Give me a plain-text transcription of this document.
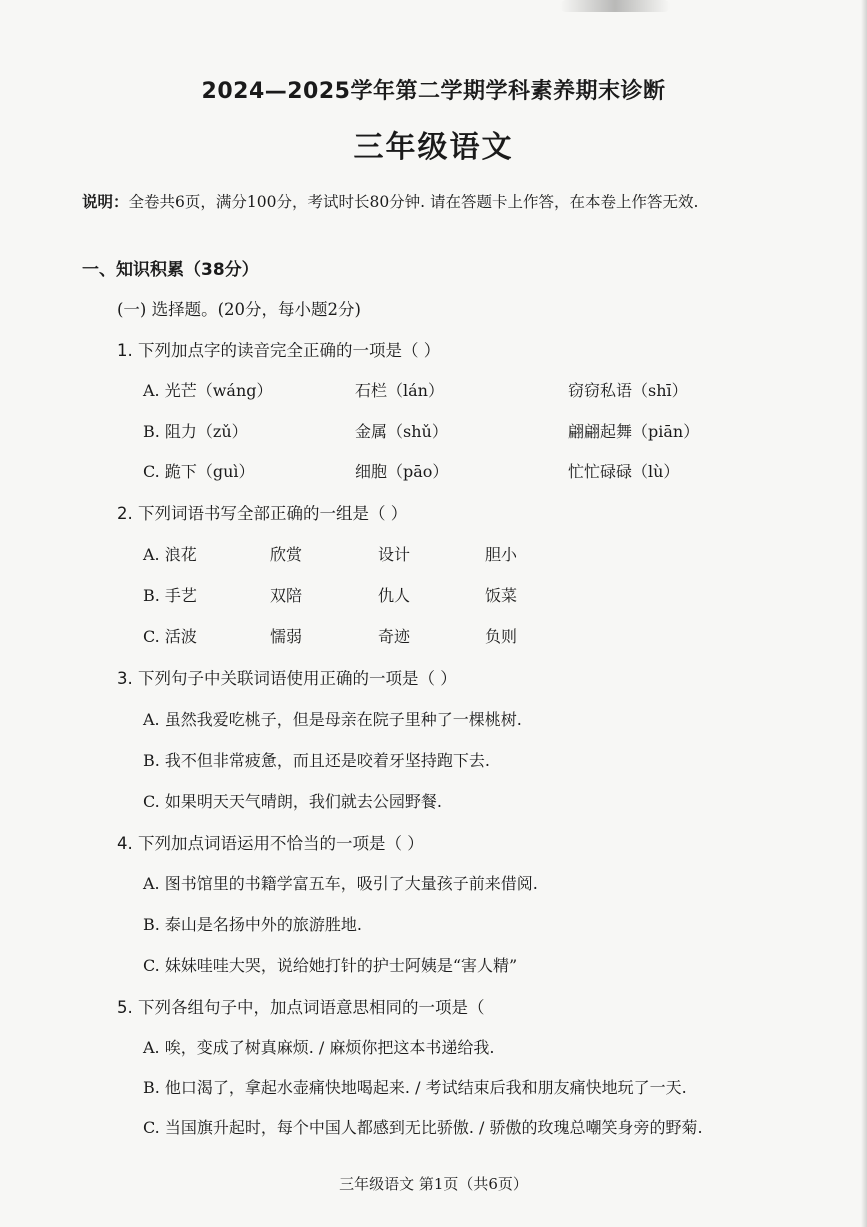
2024—2025学年第二学期学科素养期末诊断
三年级语文
说明：全卷共6页，满分100分，考试时长80分钟. 请在答题卡上作答，在本卷上作答无效.
一、知识积累（38分）
(一) 选择题。(20分，每小题2分)
1. 下列加点字的读音完全正确的一项是（ ）
A. 光芒（wáng）	石栏（lán）	窃窃私语（shī）
B. 阻力（zǔ）	金属（shǔ）	翩翩起舞（piān）
C. 跪下（guì）	细胞（pāo）	忙忙碌碌（lù）
2. 下列词语书写全部正确的一组是（ ）
A. 浪花	欣赏	设计	胆小
B. 手艺	双陪	仇人	饭菜
C. 活波	懦弱	奇迹	负则
3. 下列句子中关联词语使用正确的一项是（ ）
A. 虽然我爱吃桃子，但是母亲在院子里种了一棵桃树.
B. 我不但非常疲惫，而且还是咬着牙坚持跑下去.
C. 如果明天天气晴朗，我们就去公园野餐.
4. 下列加点词语运用不恰当的一项是（ ）
A. 图书馆里的书籍学富五车，吸引了大量孩子前来借阅.
B. 泰山是名扬中外的旅游胜地.
C. 妹妹哇哇大哭，说给她打针的护士阿姨是“害人精”
5. 下列各组句子中，加点词语意思相同的一项是（
A. 唉，变成了树真麻烦. / 麻烦你把这本书递给我.
B. 他口渴了，拿起水壶痛快地喝起来. / 考试结束后我和朋友痛快地玩了一天.
C. 当国旗升起时，每个中国人都感到无比骄傲. / 骄傲的玫瑰总嘲笑身旁的野菊.
三年级语文 第1页（共6页）
